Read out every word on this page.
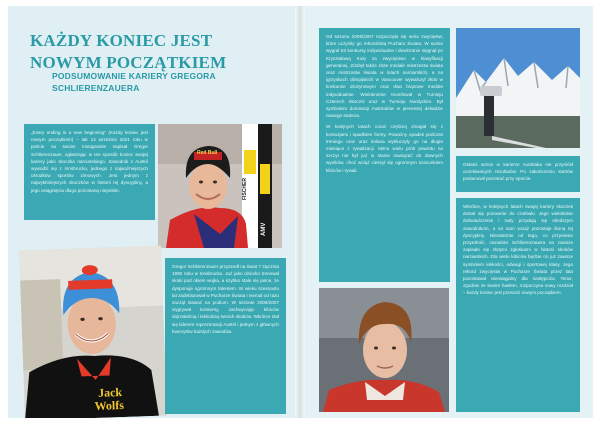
KAŻDY KONIEC JEST NOWYM POCZĄTKIEM

PODSUMOWANIE KARIERY GREGORA SCHLIERENZAUERA

„Every ending is a new beginning” (Każdy koniec jest nowym początkiem) – tak 12 września 2021 roku w poście na swoim Instagramie napisał Gregor Schlierenzauer, ogłaszając w ten sposób koniec swojej kariery jako skoczka narciarskiego. Zawodnik z Austrii wywodzi się z Innsbrucku, jednego z najważniejszych ośrodków sportów zimowych. Jest jednym z najwybitniejszych skoczków w historii tej dyscypliny, a jego osiągnięcia długo pozostaną niepobite.

Red Bull
FISCHER
AMV
Jack
Wolfs

Gregor Schlierenzauer przyszedł na świat 7 stycznia 1990 roku w Innsbrucku. Już jako dziecko trenował skoki pod okiem wujka, a szybko stało się jasne, że dysponuje ogromnym talentem. W wieku szesnastu lat zadebiutował w Pucharze Świata i niemal od razu zaczął stawać na podium. W sezonie 2006/2007 wygrywał konkursy, zachwycając kibiców dojrzałością i lekkością swoich skoków. Wkrótce stał się liderem reprezentacji Austrii i jednym z głównych faworytów każdych zawodów.

Od sezonu 2006/2007 rozpoczęła się seria zwycięstw, które uczyniły go rekordzistą Pucharu Świata. W sumie wygrał 53 konkursy indywidualne i dwukrotnie sięgnął po Kryształową Kulę za zwycięstwo w klasyfikacji generalnej. Zdobył także złote medale mistrzostw świata oraz mistrzostw świata w lotach narciarskich, a na igrzyskach olimpijskich w Vancouver wywalczył złoto w konkursie drużynowym oraz dwa brązowe medale indywidualnie. Wielokrotnie triumfował w Turnieju Czterech Skoczni oraz w Turnieju Nordyckim. Był symbolem dominacji Austriaków w pierwszej dekadzie nowego stulecia.

W kolejnych latach coraz częściej zmagał się z kontuzjami i spadkiem formy. Poważny upadek podczas treningu oraz uraz kolana wykluczyły go na długie miesiące z rywalizacji. Mimo wielu prób powrotu na szczyt nie był już w stanie nawiązać do dawnych wyników, choć wciąż cieszył się ogromnym szacunkiem kibiców i rywali.

Ostatni sezon w karierze Austriaka nie przyniósł oczekiwanych rezultatów. Po zakończeniu startów postanowił pozostać przy sporcie.

Wkrótce, w kolejnych latach swojej kariery skoczek dostał się ponownie do czołówki. Jego wieloletnie doświadczenie i rady przydają się młodszym zawodnikom, a on sam wciąż pozostaje ikoną tej dyscypliny. Niezależnie od tego, co przyniesie przyszłość, nazwisko Schlierenzauera na zawsze zapisało się złotymi zgłoskami w historii skoków narciarskich. Dla wielu kibiców będzie on już zawsze symbolem lekkości, odwagi i sportowej klasy. Jego rekord zwycięstw w Pucharze Świata przez lata pozostawał nieosiągalny dla następców. Teraz, zgodnie ze swoim hasłem, rozpoczyna nowy rozdział – każdy koniec jest przecież nowym początkiem.
